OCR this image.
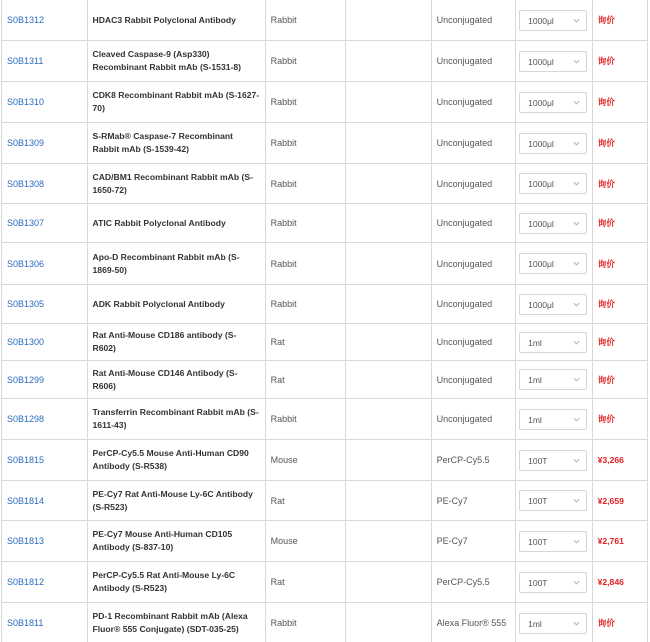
S0B1312	HDAC3 Rabbit Polyclonal Antibody	Rabbit		Unconjugated	1000μl	询价
S0B1311	Cleaved Caspase-9 (Asp330) Recombinant Rabbit mAb (S-1531-8)	Rabbit		Unconjugated	1000μl	询价
S0B1310	CDK8 Recombinant Rabbit mAb (S-1627-70)	Rabbit		Unconjugated	1000μl	询价
S0B1309	S-RMab® Caspase-7 Recombinant Rabbit mAb (S-1539-42)	Rabbit		Unconjugated	1000μl	询价
S0B1308	CAD/BM1 Recombinant Rabbit mAb (S-1650-72)	Rabbit		Unconjugated	1000μl	询价
S0B1307	ATIC Rabbit Polyclonal Antibody	Rabbit		Unconjugated	1000μl	询价
S0B1306	Apo-D Recombinant Rabbit mAb (S-1869-50)	Rabbit		Unconjugated	1000μl	询价
S0B1305	ADK Rabbit Polyclonal Antibody	Rabbit		Unconjugated	1000μl	询价
S0B1300	Rat Anti-Mouse CD186 antibody (S-R602)	Rat		Unconjugated	1ml	询价
S0B1299	Rat Anti-Mouse CD146 Antibody (S-R606)	Rat		Unconjugated	1ml	询价
S0B1298	Transferrin Recombinant Rabbit mAb (S-1611-43)	Rabbit		Unconjugated	1ml	询价
S0B1815	PerCP-Cy5.5 Mouse Anti-Human CD90 Antibody (S-R538)	Mouse		PerCP-Cy5.5	100T	¥3,266
S0B1814	PE-Cy7 Rat Anti-Mouse Ly-6C Antibody (S-R523)	Rat		PE-Cy7	100T	¥2,659
S0B1813	PE-Cy7 Mouse Anti-Human CD105 Antibody (S-837-10)	Mouse		PE-Cy7	100T	¥2,761
S0B1812	PerCP-Cy5.5 Rat Anti-Mouse Ly-6C Antibody (S-R523)	Rat		PerCP-Cy5.5	100T	¥2,846
S0B1811	PD-1 Recombinant Rabbit mAb (Alexa Fluor® 555 Conjugate) (SDT-035-25)	Rabbit		Alexa Fluor® 555	1ml	询价
